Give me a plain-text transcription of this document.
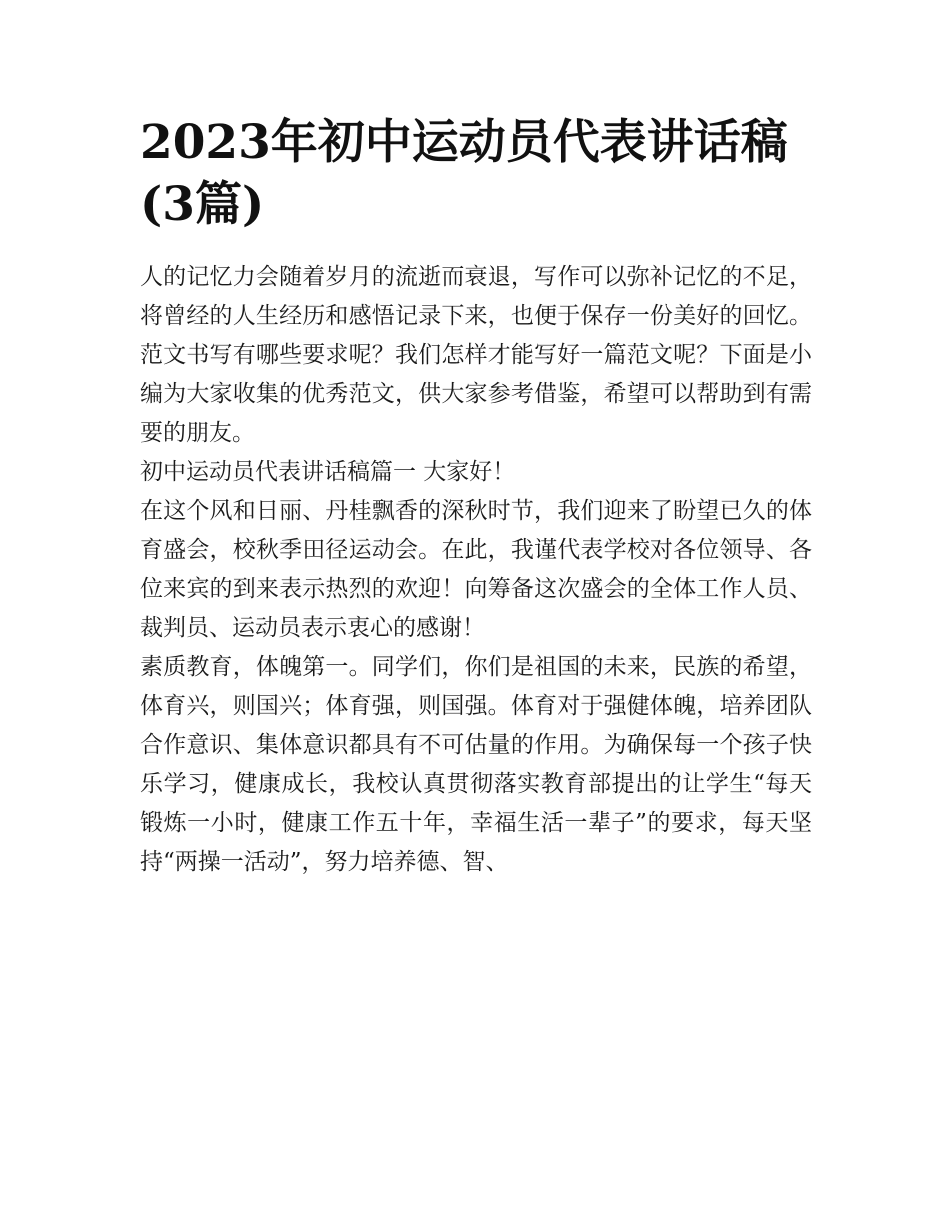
2023年初中运动员代表讲话稿(3篇)

人的记忆力会随着岁月的流逝而衰退，写作可以弥补记忆的不足，将曾经的人生经历和感悟记录下来，也便于保存一份美好的回忆。范文书写有哪些要求呢？我们怎样才能写好一篇范文呢？下面是小编为大家收集的优秀范文，供大家参考借鉴，希望可以帮助到有需要的朋友。

初中运动员代表讲话稿篇一 大家好！

在这个风和日丽、丹桂飘香的深秋时节，我们迎来了盼望已久的体育盛会，校秋季田径运动会。在此，我谨代表学校对各位领导、各位来宾的到来表示热烈的欢迎！向筹备这次盛会的全体工作人员、裁判员、运动员表示衷心的感谢！

素质教育，体魄第一。同学们，你们是祖国的未来，民族的希望，体育兴，则国兴；体育强，则国强。体育对于强健体魄，培养团队合作意识、集体意识都具有不可估量的作用。为确保每一个孩子快乐学习，健康成长，我校认真贯彻落实教育部提出的让学生“每天锻炼一小时，健康工作五十年，幸福生活一辈子”的要求，每天坚持“两操一活动”，努力培养德、智、
